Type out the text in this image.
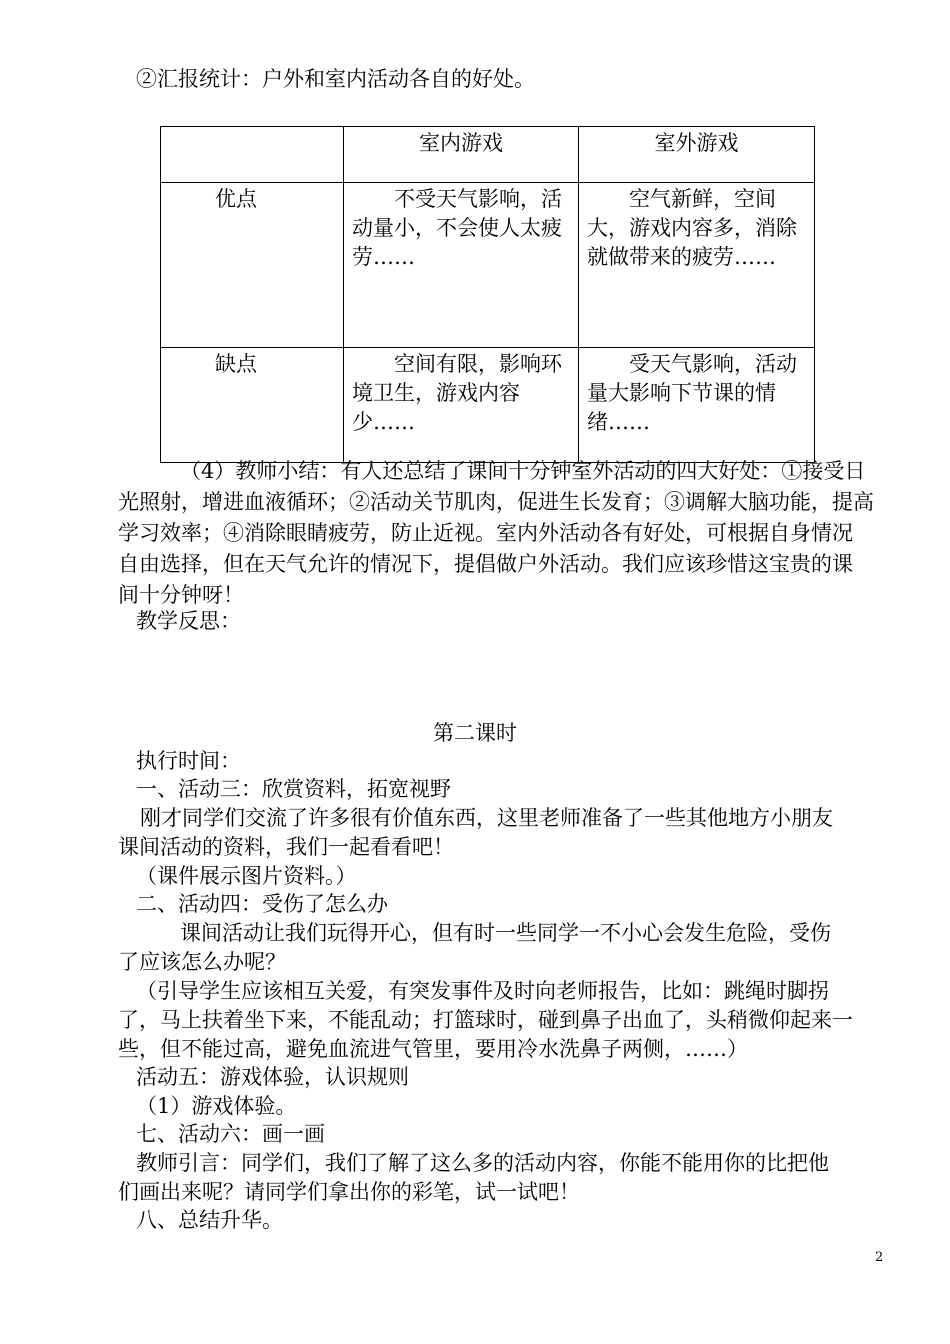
②汇报统计：户外和室内活动各自的好处。

	室内游戏	室外游戏

优点	不受天气影响，活动量小，不会使人太疲劳……	空气新鲜，空间大，游戏内容多，消除就做带来的疲劳……

缺点	空间有限，影响环境卫生，游戏内容少……	受天气影响，活动量大影响下节课的情绪……
（4）教师小结：有人还总结了课间十分钟室外活动的四大好处：①接受日
光照射，增进血液循环；②活动关节肌肉，促进生长发育；③调解大脑功能，提高
学习效率；④消除眼睛疲劳，防止近视。室内外活动各有好处，可根据自身情况
自由选择，但在天气允许的情况下，提倡做户外活动。我们应该珍惜这宝贵的课
间十分钟呀！
教学反思：
第二课时
执行时间：
一、活动三：欣赏资料，拓宽视野
刚才同学们交流了许多很有价值东西，这里老师准备了一些其他地方小朋友
课间活动的资料，我们一起看看吧！
（课件展示图片资料。）
二、活动四：受伤了怎么办
课间活动让我们玩得开心，但有时一些同学一不小心会发生危险，受伤
了应该怎么办呢？
（引导学生应该相互关爱，有突发事件及时向老师报告，比如：跳绳时脚拐
了，马上扶着坐下来，不能乱动；打篮球时，碰到鼻子出血了，头稍微仰起来一
些，但不能过高，避免血流进气管里，要用冷水洗鼻子两侧，……）
活动五：游戏体验，认识规则
（1）游戏体验。
七、活动六：画一画
教师引言：同学们，我们了解了这么多的活动内容，你能不能用你的比把他
们画出来呢？请同学们拿出你的彩笔，试一试吧！
八、总结升华。
2
